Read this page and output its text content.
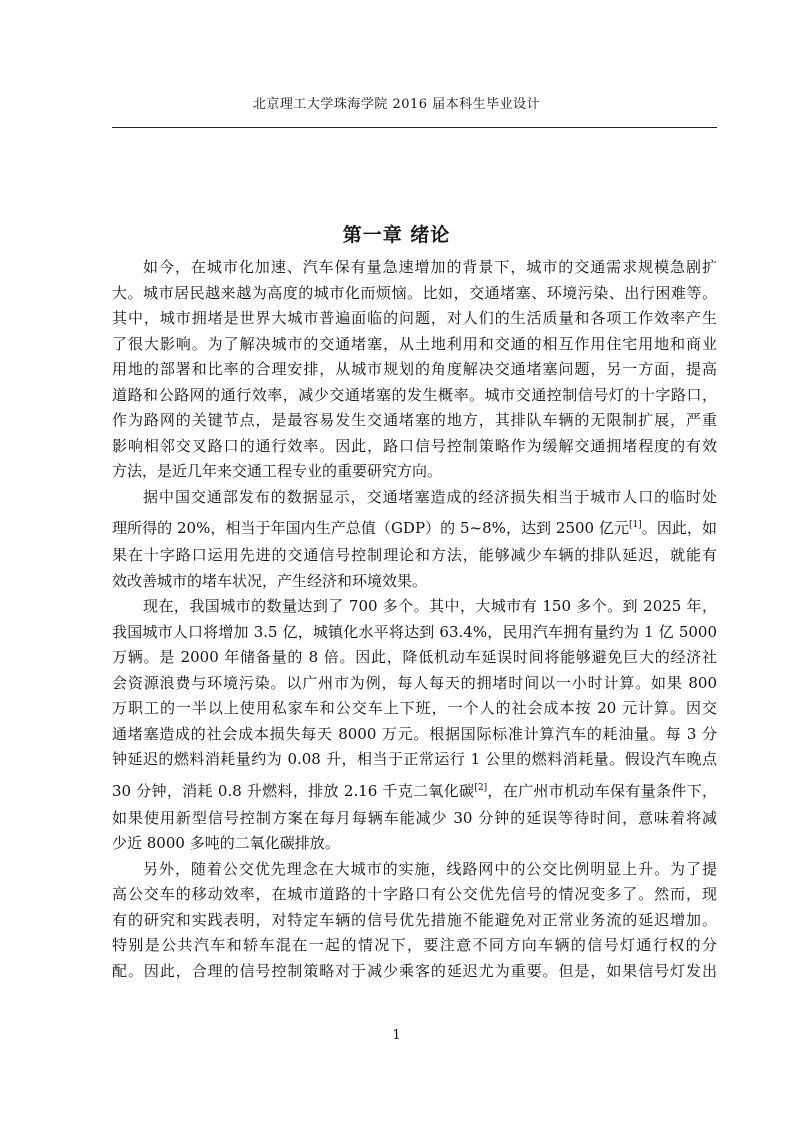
北京理工大学珠海学院 2016 届本科生毕业设计
第一章 绪论
如今，在城市化加速、汽车保有量急速增加的背景下，城市的交通需求规模急剧扩
大。城市居民越来越为高度的城市化而烦恼。比如，交通堵塞、环境污染、出行困难等。
其中，城市拥堵是世界大城市普遍面临的问题，对人们的生活质量和各项工作效率产生
了很大影响。为了解决城市的交通堵塞，从土地利用和交通的相互作用住宅用地和商业
用地的部署和比率的合理安排，从城市规划的角度解决交通堵塞问题，另一方面，提高
道路和公路网的通行效率，减少交通堵塞的发生概率。城市交通控制信号灯的十字路口，
作为路网的关键节点，是最容易发生交通堵塞的地方，其排队车辆的无限制扩展，严重
影响相邻交叉路口的通行效率。因此，路口信号控制策略作为缓解交通拥堵程度的有效
方法，是近几年来交通工程专业的重要研究方向。
据中国交通部发布的数据显示，交通堵塞造成的经济损失相当于城市人口的临时处
理所得的 20%，相当于年国内生产总值（GDP）的 5~8%，达到 2500 亿元[1]。因此，如
果在十字路口运用先进的交通信号控制理论和方法，能够减少车辆的排队延迟，就能有
效改善城市的堵车状况，产生经济和环境效果。
现在，我国城市的数量达到了 700 多个。其中，大城市有 150 多个。到 2025 年，
我国城市人口将增加 3.5 亿，城镇化水平将达到 63.4%，民用汽车拥有量约为 1 亿 5000
万辆。是 2000 年储备量的 8 倍。因此，降低机动车延误时间将能够避免巨大的经济社
会资源浪费与环境污染。以广州市为例，每人每天的拥堵时间以一小时计算。如果 800
万职工的一半以上使用私家车和公交车上下班，一个人的社会成本按 20 元计算。因交
通堵塞造成的社会成本损失每天 8000 万元。根据国际标准计算汽车的耗油量。每 3 分
钟延迟的燃料消耗量约为 0.08 升，相当于正常运行 1 公里的燃料消耗量。假设汽车晚点
30 分钟，消耗 0.8 升燃料，排放 2.16 千克二氧化碳[2]，在广州市机动车保有量条件下，
如果使用新型信号控制方案在每月每辆车能减少 30 分钟的延误等待时间，意味着将减
少近 8000 多吨的二氧化碳排放。
另外，随着公交优先理念在大城市的实施，线路网中的公交比例明显上升。为了提
高公交车的移动效率，在城市道路的十字路口有公交优先信号的情况变多了。然而，现
有的研究和实践表明，对特定车辆的信号优先措施不能避免对正常业务流的延迟增加。
特别是公共汽车和轿车混在一起的情况下，要注意不同方向车辆的信号灯通行权的分
配。因此，合理的信号控制策略对于减少乘客的延迟尤为重要。但是，如果信号灯发出
1
